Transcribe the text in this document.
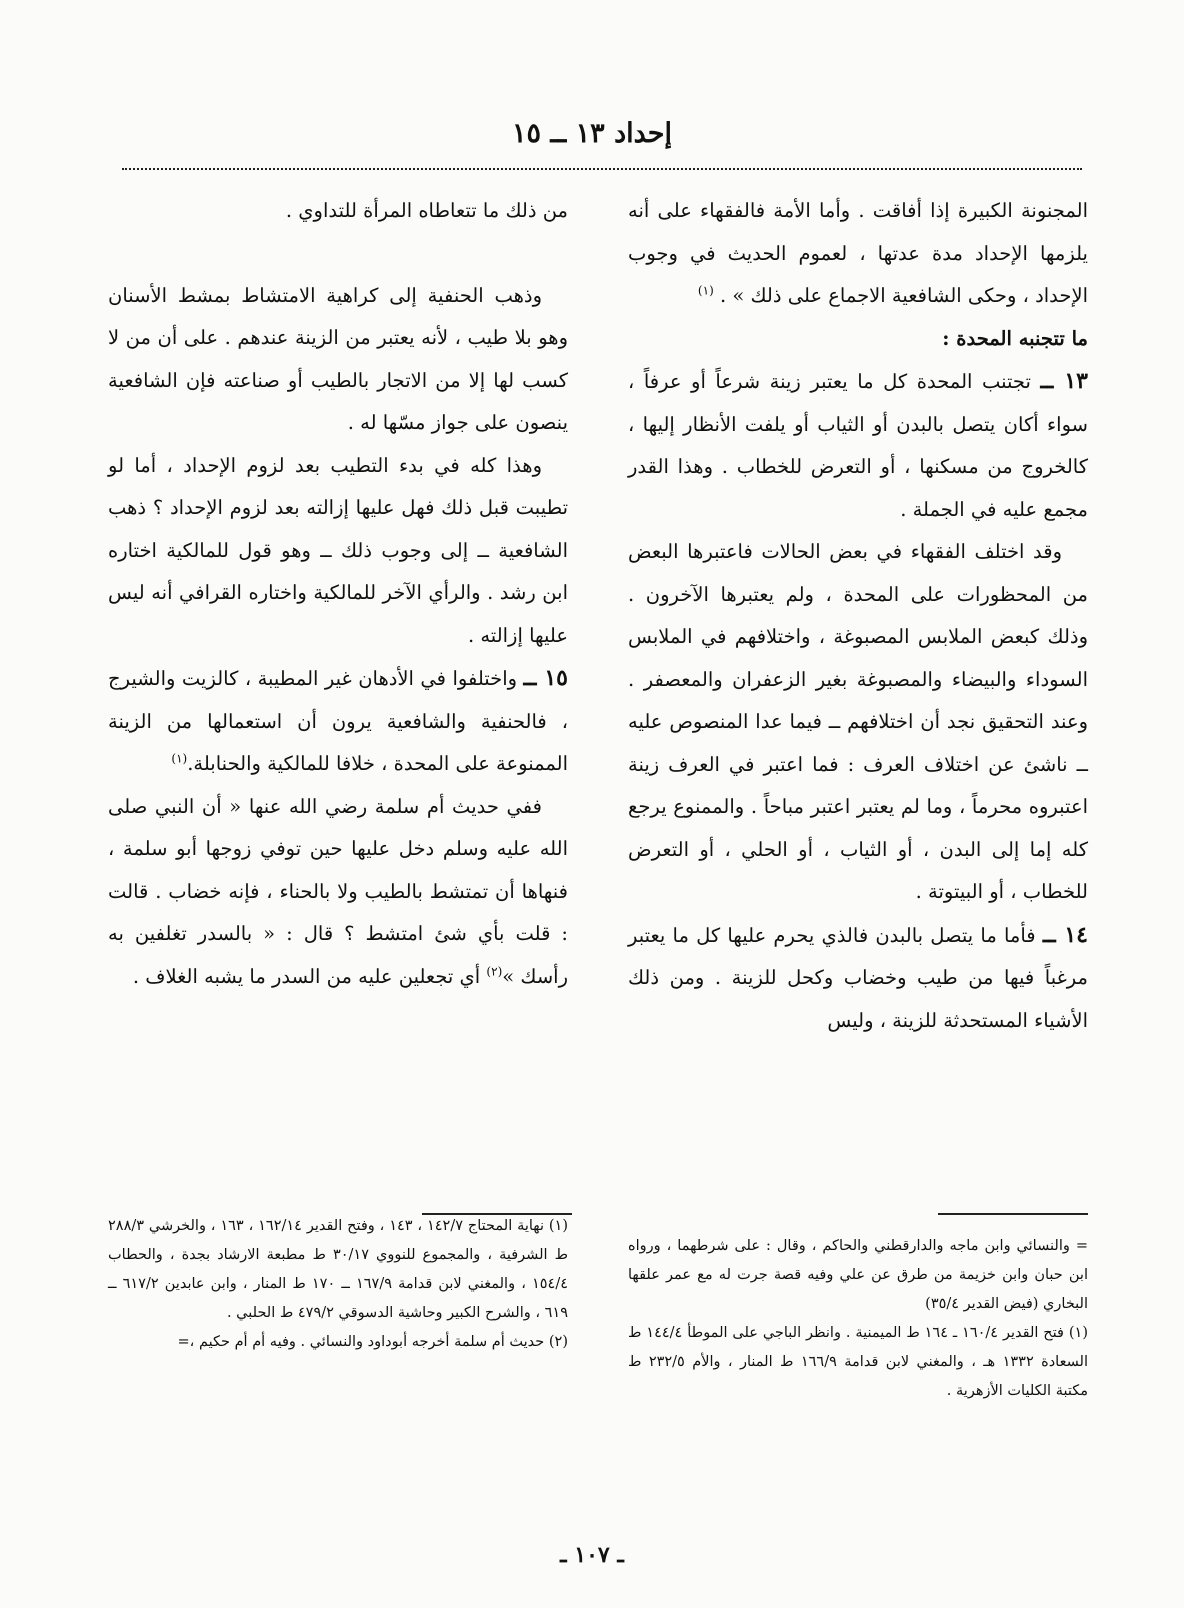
إحداد ١٣ ــ ١٥

المجنونة الكبيرة إذا أفاقت . وأما الأمة فالفقهاء على أنه يلزمها الإحداد مدة عدتها ، لعموم الحديث في وجوب الإحداد ، وحكى الشافعية الاجماع على ذلك » . $^{(١)}$

ما تتجنبه المحدة :

١٣ ــ تجتنب المحدة كل ما يعتبر زينة شرعاً أو عرفاً ، سواء أكان يتصل بالبدن أو الثياب أو يلفت الأنظار إليها ، كالخروج من مسكنها ، أو التعرض للخطاب . وهذا القدر مجمع عليه في الجملة .

وقد اختلف الفقهاء في بعض الحالات فاعتبرها البعض من المحظورات على المحدة ، ولم يعتبرها الآخرون . وذلك كبعض الملابس المصبوغة ، واختلافهم في الملابس السوداء والبيضاء والمصبوغة بغير الزعفران والمعصفر . وعند التحقيق نجد أن اختلافهم ــ فيما عدا المنصوص عليه ــ ناشئ عن اختلاف العرف : فما اعتبر في العرف زينة اعتبروه محرماً ، وما لم يعتبر اعتبر مباحاً . والممنوع يرجع كله إما إلى البدن ، أو الثياب ، أو الحلي ، أو التعرض للخطاب ، أو البيتوتة .

١٤ ــ فأما ما يتصل بالبدن فالذي يحرم عليها كل ما يعتبر مرغباً فيها من طيب وخضاب وكحل للزينة . ومن ذلك الأشياء المستحدثة للزينة ، وليس

من ذلك ما تتعاطاه المرأة للتداوي .

وذهب الحنفية إلى كراهية الامتشاط بمشط الأسنان وهو بلا طيب ، لأنه يعتبر من الزينة عندهم . على أن من لا كسب لها إلا من الاتجار بالطيب أو صناعته فإن الشافعية ينصون على جواز مسّها له .

وهذا كله في بدء التطيب بعد لزوم الإحداد ، أما لو تطيبت قبل ذلك فهل عليها إزالته بعد لزوم الإحداد ؟ ذهب الشافعية ــ إلى وجوب ذلك ــ وهو قول للمالكية اختاره ابن رشد . والرأي الآخر للمالكية واختاره القرافي أنه ليس عليها إزالته .

١٥ ــ واختلفوا في الأدهان غير المطيبة ، كالزيت والشيرج ، فالحنفية والشافعية يرون أن استعمالها من الزينة الممنوعة على المحدة ، خلافا للمالكية والحنابلة.$^{(١)}$

ففي حديث أم سلمة رضي الله عنها « أن النبي صلى الله عليه وسلم دخل عليها حين توفي زوجها أبو سلمة ، فنهاها أن تمتشط بالطيب ولا بالحناء ، فإنه خضاب . قالت : قلت بأي شئ امتشط ؟ قال : « بالسدر تغلفين به رأسك »$^{(٢)}$ أي تجعلين عليه من السدر ما يشبه الغلاف .

= والنسائي وابن ماجه والدارقطني والحاكم ، وقال : على شرطهما ، ورواه ابن حبان وابن خزيمة من طرق عن علي وفيه قصة جرت له مع عمر علقها البخاري (فيض القدير ٣٥/٤)

(١) فتح القدير ١٦٠/٤ ـ ١٦٤ ط الميمنية . وانظر الباجي على الموطأ ١٤٤/٤ ط السعادة ١٣٣٢ هـ ، والمغني لابن قدامة ١٦٦/٩ ط المنار ، والأم ٢٣٢/٥ ط مكتبة الكليات الأزهرية .

(١) نهاية المحتاج ١٤٢/٧ ، ١٤٣ ، وفتح القدير ١٦٢/١٤ ، ١٦٣ ، والخرشي ٢٨٨/٣ ط الشرفية ، والمجموع للنووي ٣٠/١٧ ط مطبعة الارشاد بجدة ، والحطاب ١٥٤/٤ ، والمغني لابن قدامة ١٦٧/٩ ــ ١٧٠ ط المنار ، وابن عابدين ٦١٧/٢ ــ ٦١٩ ، والشرح الكبير وحاشية الدسوقي ٤٧٩/٢ ط الحلبي .

(٢) حديث أم سلمة أخرجه أبوداود والنسائي . وفيه أم أم حكيم ،=

ـ ١٠٧ ـ
